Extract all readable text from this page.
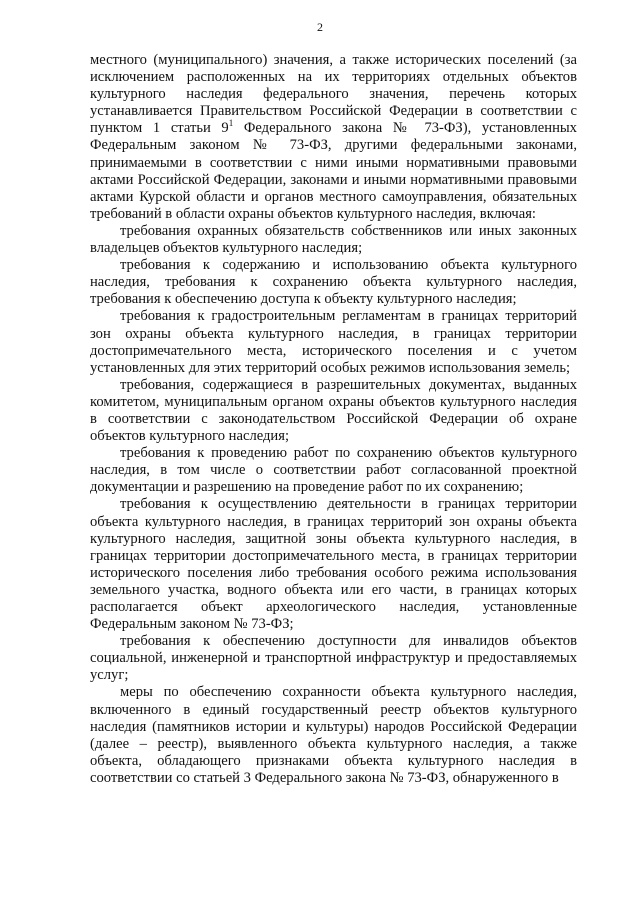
2

местного (муниципального) значения, а также исторических поселений (за исключением расположенных на их территориях отдельных объектов культурного наследия федерального значения, перечень которых устанавливается Правительством Российской Федерации в соответствии с пунктом 1 статьи $9^1$ Федерального закона № 73-ФЗ), установленных Федеральным законом № 73-ФЗ, другими федеральными законами, принимаемыми в соответствии с ними иными нормативными правовыми актами Российской Федерации, законами и иными нормативными правовыми актами Курской области и органов местного самоуправления, обязательных требований в области охраны объектов культурного наследия, включая:

требования охранных обязательств собственников или иных законных владельцев объектов культурного наследия;

требования к содержанию и использованию объекта культурного наследия, требования к сохранению объекта культурного наследия, требования к обеспечению доступа к объекту культурного наследия;

требования к градостроительным регламентам в границах территорий зон охраны объекта культурного наследия, в границах территории достопримечательного места, исторического поселения и с учетом установленных для этих территорий особых режимов использования земель;

требования, содержащиеся в разрешительных документах, выданных комитетом, муниципальным органом охраны объектов культурного наследия в соответствии с законодательством Российской Федерации об охране объектов культурного наследия;

требования к проведению работ по сохранению объектов культурного наследия, в том числе о соответствии работ согласованной проектной документации и разрешению на проведение работ по их сохранению;

требования к осуществлению деятельности в границах территории объекта культурного наследия, в границах территорий зон охраны объекта культурного наследия, защитной зоны объекта культурного наследия, в границах территории достопримечательного места, в границах территории исторического поселения либо требования особого режима использования земельного участка, водного объекта или его части, в границах которых располагается объект археологического наследия, установленные Федеральным законом № 73-ФЗ;

требования к обеспечению доступности для инвалидов объектов социальной, инженерной и транспортной инфраструктур и предоставляемых услуг;

меры по обеспечению сохранности объекта культурного наследия, включенного в единый государственный реестр объектов культурного наследия (памятников истории и культуры) народов Российской Федерации (далее – реестр), выявленного объекта культурного наследия, а также объекта, обладающего признаками объекта культурного наследия в соответствии со статьей 3 Федерального закона № 73-ФЗ, обнаруженного в
